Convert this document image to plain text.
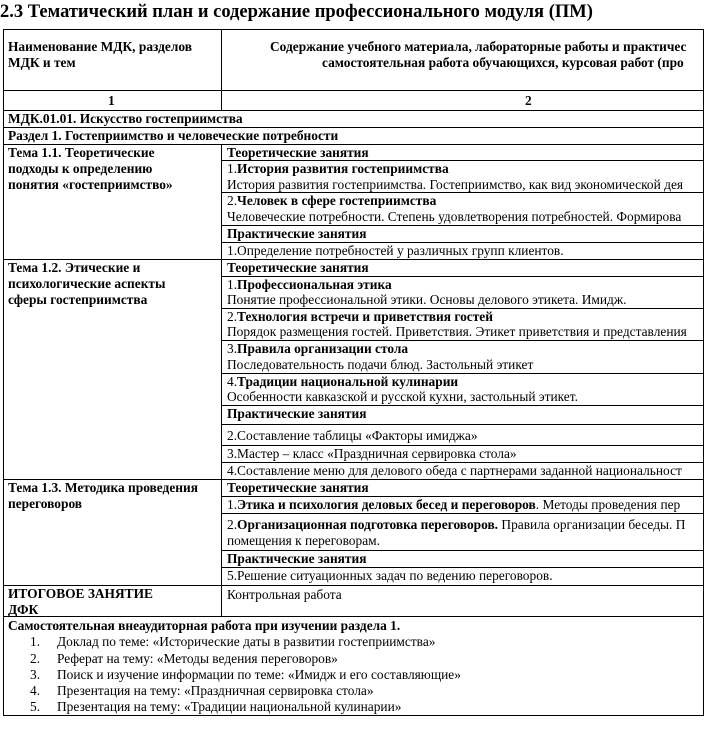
2.3 Тематический план и содержание профессионального модуля (ПМ)
Наименование МДК, разделов
МДК и тем
Содержание учебного материала, лабораторные работы и практичес
самостоятельная работа обучающихся, курсовая работ (про
1	2
МДК.01.01. Искусство гостеприимства
Раздел 1. Гостеприимство и человеческие потребности
Тема 1.1. Теоретические
подходы к определению
понятия «гостеприимство»
Теоретические занятия
1.История развития гостеприимства
История развития гостеприимства. Гостеприимство, как вид экономической дея
2.Человек в сфере гостеприимства
Человеческие потребности. Степень удовлетворения потребностей. Формирова
Практические занятия
1.Определение потребностей у различных групп клиентов.
Тема 1.2. Этические и
психологические аспекты
сферы гостеприимства
Теоретические занятия
1.Профессиональная этика
Понятие профессиональной этики. Основы делового этикета. Имидж.
2.Технология встречи и приветствия гостей
Порядок размещения гостей. Приветствия. Этикет приветствия и представления
3.Правила организации стола
Последовательность подачи блюд. Застольный этикет
4.Традиции национальной кулинарии
Особенности кавказской и русской кухни, застольный этикет.
Практические занятия
2.Составление таблицы «Факторы имиджа»
3.Мастер – класс «Праздничная сервировка стола»
4.Составление меню для делового обеда с партнерами заданной национальност
Тема 1.3. Методика проведения
переговоров
Теоретические занятия
1.Этика и психология деловых бесед и переговоров. Методы проведения пер
2.Организационная подготовка переговоров. Правила организации беседы. П
помещения к переговорам.
Практические занятия
5.Решение ситуационных задач по ведению переговоров.
ИТОГОВОЕ ЗАНЯТИЕ
ДФК
Контрольная работа
Самостоятельная внеаудиторная работа при изучении раздела 1.
1. Доклад по теме: «Исторические даты в развитии гостеприимства»
2. Реферат на тему: «Методы ведения переговоров»
3. Поиск и изучение информации по теме: «Имидж и его составляющие»
4. Презентация на тему: «Праздничная сервировка стола»
5. Презентация на тему: «Традиции национальной кулинарии»
